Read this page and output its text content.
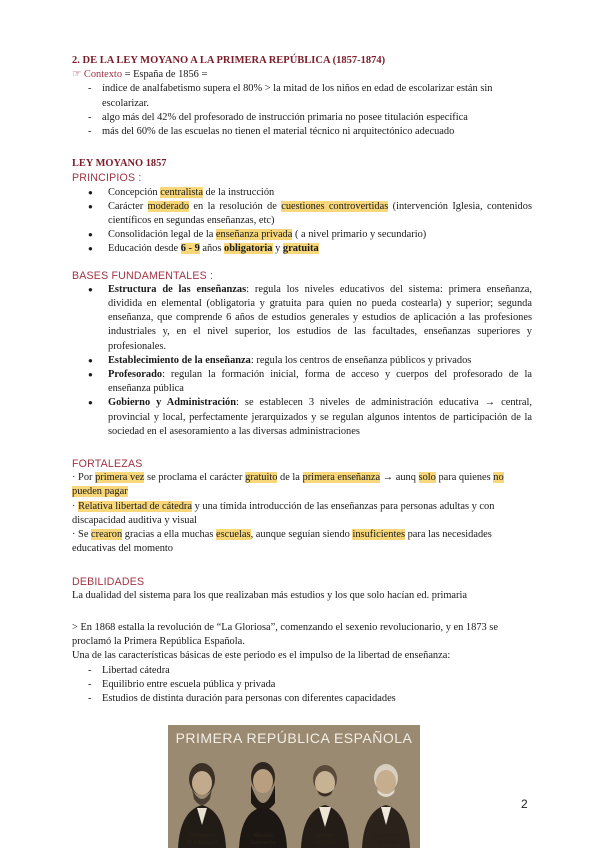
2. DE LA LEY MOYANO A LA PRIMERA REPÚBLICA (1857-1874)

☞ Contexto = España de 1856 =

- índice de analfabetismo supera el 80% > la mitad de los niños en edad de escolarizar están sin escolarizar.
- algo más del 42% del profesorado de instrucción primaria no posee titulación específica
- más del 60% de las escuelas no tienen el material técnico ni arquitectónico adecuado

LEY MOYANO 1857

PRINCIPIOS :

● Concepción centralista de la instrucción
● Carácter moderado en la resolución de cuestiones controvertidas (intervención Iglesia, contenidos científicos en segundas enseñanzas, etc)
● Consolidación legal de la enseñanza privada ( a nivel primario y secundario)
● Educación desde 6 - 9 años obligatoria y gratuita

BASES FUNDAMENTALES :

● Estructura de las enseñanzas: regula los niveles educativos del sistema: primera enseñanza, dividida en elemental (obligatoria y gratuita para quien no pueda costearla) y superior; segunda enseñanza, que comprende 6 años de estudios generales y estudios de aplicación a las profesiones industriales y, en el nivel superior, los estudios de las facultades, enseñanzas superiores y profesionales.
● Establecimiento de la enseñanza: regula los centros de enseñanza públicos y privados
● Profesorado: regulan la formación inicial, forma de acceso y cuerpos del profesorado de la enseñanza pública
● Gobierno y Administración: se establecen 3 niveles de administración educativa → central, provincial y local, perfectamente jerarquizados y se regulan algunos intentos de participación de la sociedad en el asesoramiento a las diversas administraciones

FORTALEZAS

· Por primera vez se proclama el carácter gratuito de la primera enseñanza → aunq solo para quienes no pueden pagar

· Relativa libertad de cátedra y una tímida introducción de las enseñanzas para personas adultas y con discapacidad auditiva y visual

· Se crearon gracias a ella muchas escuelas, aunque seguían siendo insuficientes para las necesidades educativas del momento

DEBILIDADES

La dualidad del sistema para los que realizaban más estudios y los que solo hacían ed. primaria

> En 1868 estalla la revolución de “La Gloriosa”, comenzando el sexenio revolucionario, y en 1873 se proclamó la Primera República Española.

Una de las características básicas de este periodo es el impulso de la libertad de enseñanza:

- Libertad cátedra
- Equilibrio entre escuela pública y privada
- Estudios de distinta duración para personas con diferentes capacidades
PRIMERA REPÚBLICA ESPAÑOLA
Francisco
Pi y Margall
Nicolás
Salmerón
Emilio
Castelar
Estanislao
Figueras
2
